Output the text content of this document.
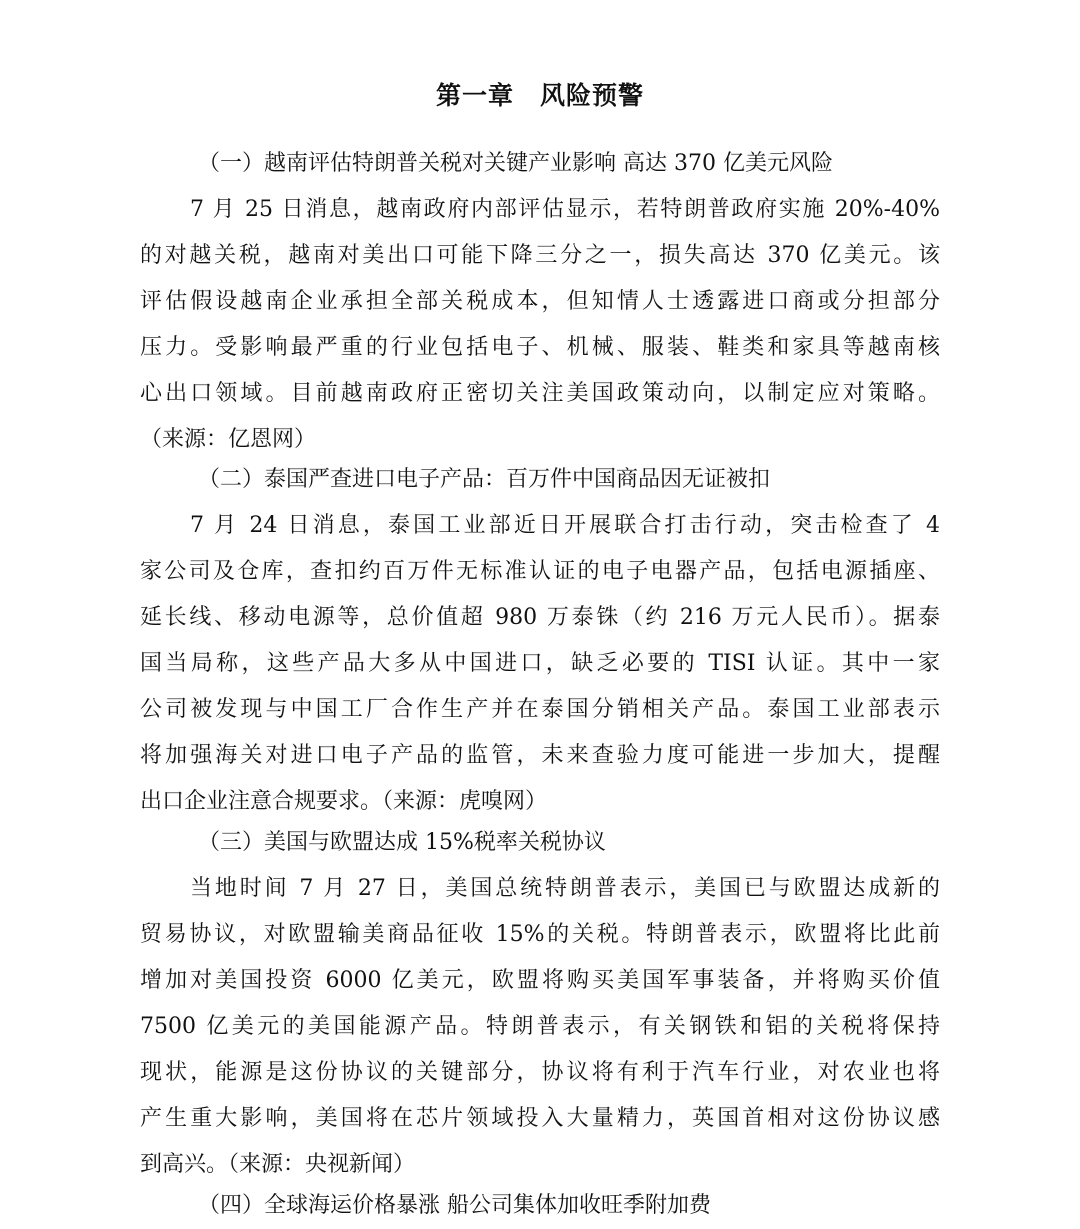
第一章　风险预警
（一）越南评估特朗普关税对关键产业影响 高达 370 亿美元风险
7 月 25 日消息，越南政府内部评估显示，若特朗普政府实施 20%-40%
的对越关税，越南对美出口可能下降三分之一，损失高达 370 亿美元。该
评估假设越南企业承担全部关税成本，但知情人士透露进口商或分担部分
压力。受影响最严重的行业包括电子、机械、服装、鞋类和家具等越南核
心出口领域。目前越南政府正密切关注美国政策动向，以制定应对策略。
（来源：亿恩网）
（二）泰国严查进口电子产品：百万件中国商品因无证被扣
7 月 24 日消息，泰国工业部近日开展联合打击行动，突击检查了 4
家公司及仓库，查扣约百万件无标准认证的电子电器产品，包括电源插座、
延长线、移动电源等，总价值超 980 万泰铢（约 216 万元人民币）。据泰
国当局称，这些产品大多从中国进口，缺乏必要的 TISI 认证。其中一家
公司被发现与中国工厂合作生产并在泰国分销相关产品。泰国工业部表示
将加强海关对进口电子产品的监管，未来查验力度可能进一步加大，提醒
出口企业注意合规要求。（来源：虎嗅网）
（三）美国与欧盟达成 15%税率关税协议
当地时间 7 月 27 日，美国总统特朗普表示，美国已与欧盟达成新的
贸易协议，对欧盟输美商品征收 15%的关税。特朗普表示，欧盟将比此前
增加对美国投资 6000 亿美元，欧盟将购买美国军事装备，并将购买价值
7500 亿美元的美国能源产品。特朗普表示，有关钢铁和铝的关税将保持
现状，能源是这份协议的关键部分，协议将有利于汽车行业，对农业也将
产生重大影响，美国将在芯片领域投入大量精力，英国首相对这份协议感
到高兴。（来源：央视新闻）
（四）全球海运价格暴涨 船公司集体加收旺季附加费
